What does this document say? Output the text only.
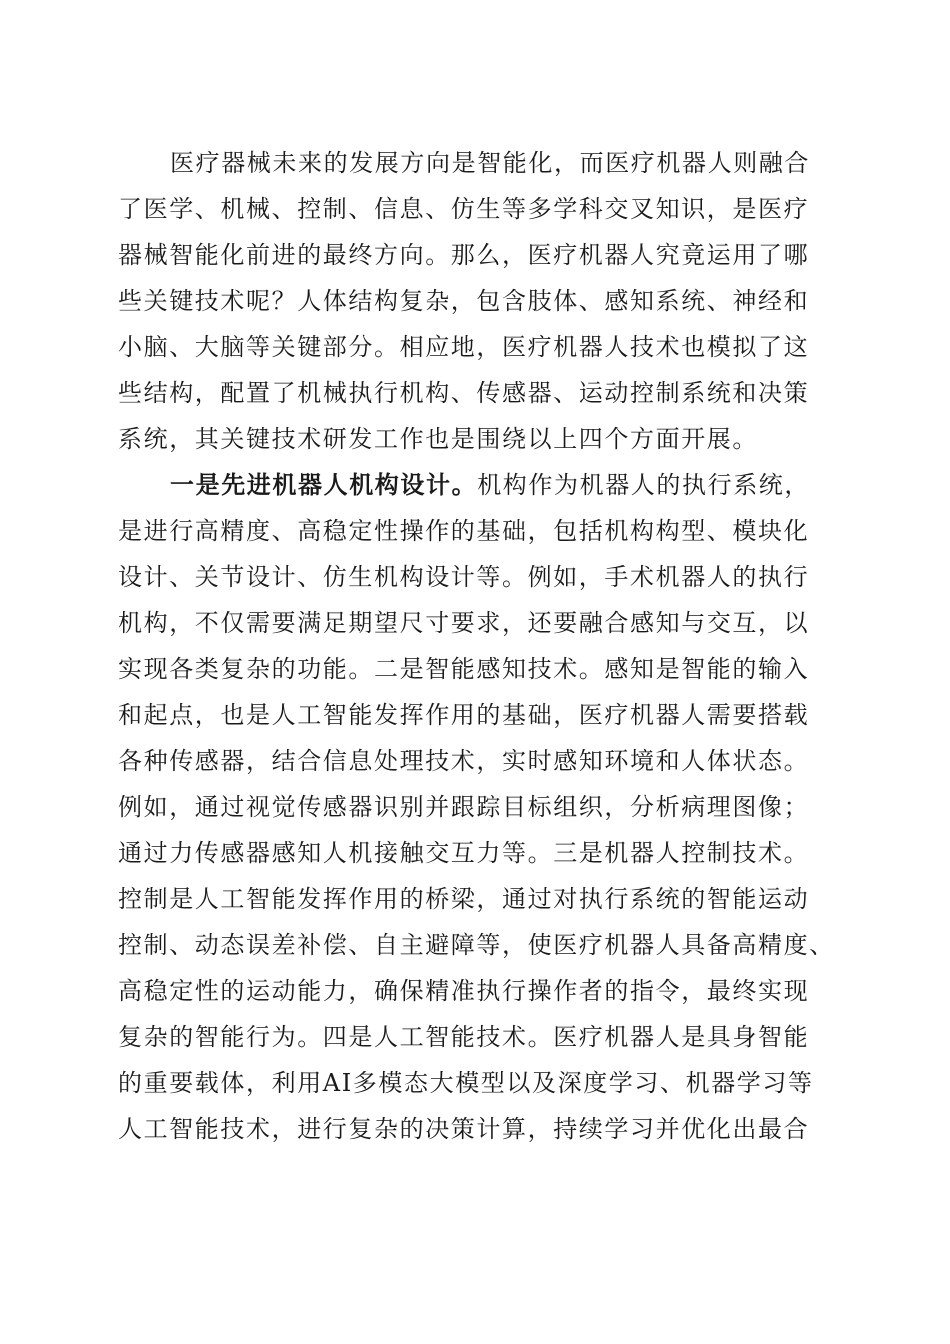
医疗器械未来的发展方向是智能化，而医疗机器人则融合
了医学、机械、控制、信息、仿生等多学科交叉知识，是医疗
器械智能化前进的最终方向。那么，医疗机器人究竟运用了哪
些关键技术呢？人体结构复杂，包含肢体、感知系统、神经和
小脑、大脑等关键部分。相应地，医疗机器人技术也模拟了这
些结构，配置了机械执行机构、传感器、运动控制系统和决策
系统，其关键技术研发工作也是围绕以上四个方面开展。
一是先进机器人机构设计。机构作为机器人的执行系统，
是进行高精度、高稳定性操作的基础，包括机构构型、模块化
设计、关节设计、仿生机构设计等。例如，手术机器人的执行
机构，不仅需要满足期望尺寸要求，还要融合感知与交互，以
实现各类复杂的功能。二是智能感知技术。感知是智能的输入
和起点，也是人工智能发挥作用的基础，医疗机器人需要搭载
各种传感器，结合信息处理技术，实时感知环境和人体状态。
例如，通过视觉传感器识别并跟踪目标组织，分析病理图像；
通过力传感器感知人机接触交互力等。三是机器人控制技术。
控制是人工智能发挥作用的桥梁，通过对执行系统的智能运动
控制、动态误差补偿、自主避障等，使医疗机器人具备高精度、
高稳定性的运动能力，确保精准执行操作者的指令，最终实现
复杂的智能行为。四是人工智能技术。医疗机器人是具身智能
的重要载体，利用AI多模态大模型以及深度学习、机器学习等
人工智能技术，进行复杂的决策计算，持续学习并优化出最合
